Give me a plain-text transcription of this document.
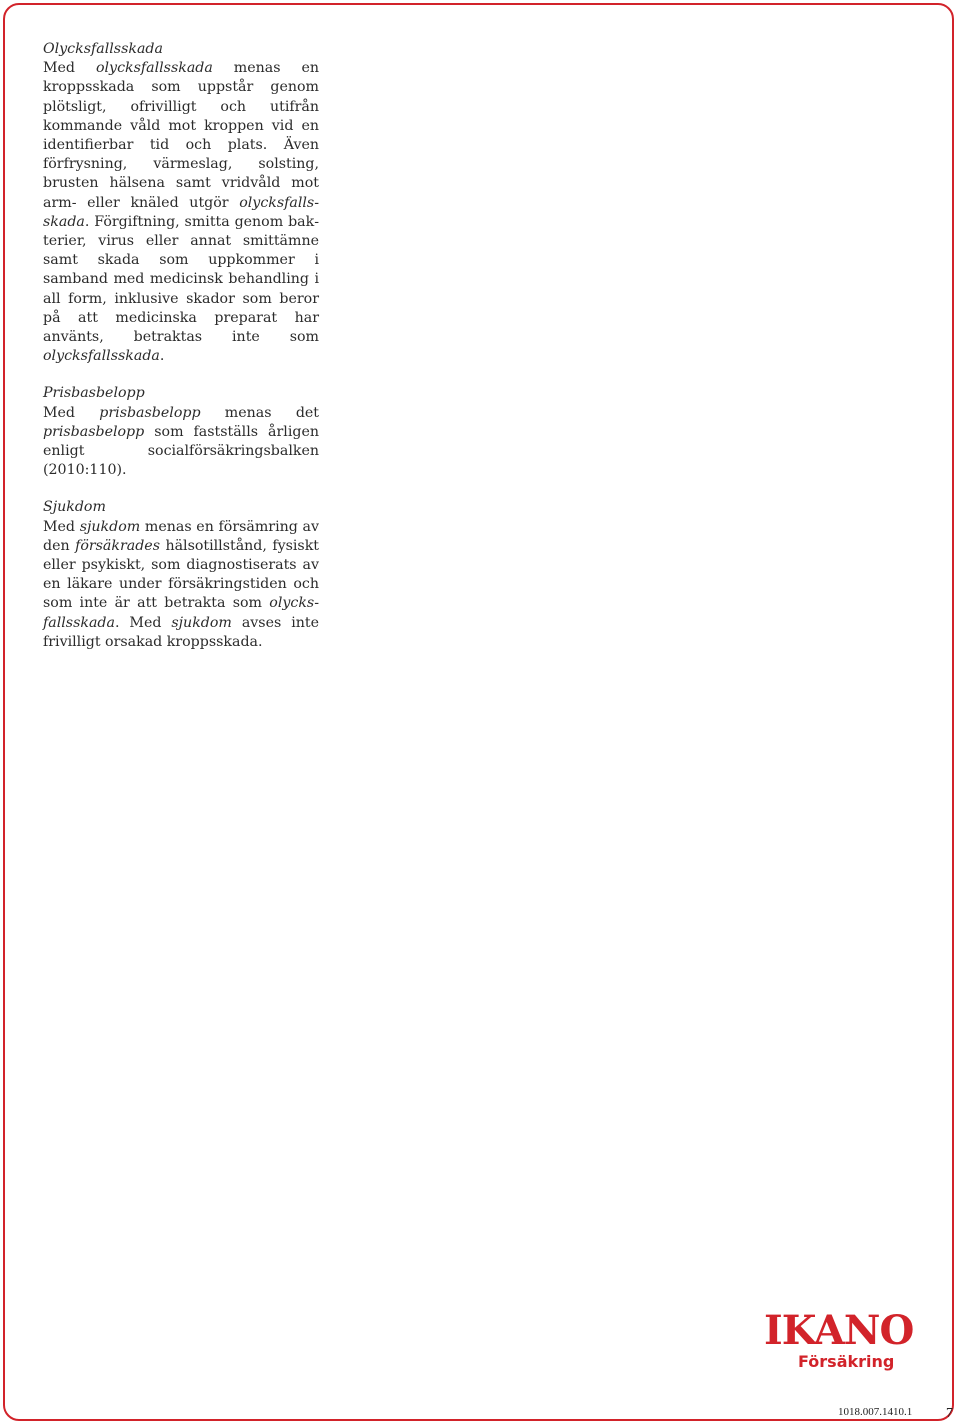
Olycksfallsskada
Med olycksfallsskada menas en kroppsskada som uppstår genom plötsligt, ofrivilligt och utifrån kommande våld mot kroppen vid en identifierbar tid och plats. Även förfrysning, värmeslag, solsting, brusten hälsena samt vridvåld mot arm- eller knäled utgör olycksfallsskada. Förgiftning, smitta genom bakterier, virus eller annat smittämne samt skada som uppkommer i samband med medicinsk behandling i all form, inklusive skador som beror på att medicinska preparat har använts, betraktas inte som olycksfallsskada.
Prisbasbelopp
Med prisbasbelopp menas det prisbasbelopp som fastställs årligen enligt socialförsäkringsbalken (2010:110).
Sjukdom
Med sjukdom menas en försämring av den försäkrades hälsotillstånd, fysiskt eller psykiskt, som diagnostiserats av en läkare under försäkringstiden och som inte är att betrakta som olycksfallsskada. Med sjukdom avses inte frivilligt orsakad kroppsskada.
IKANO
Försäkring
1018.007.1410.1 7
